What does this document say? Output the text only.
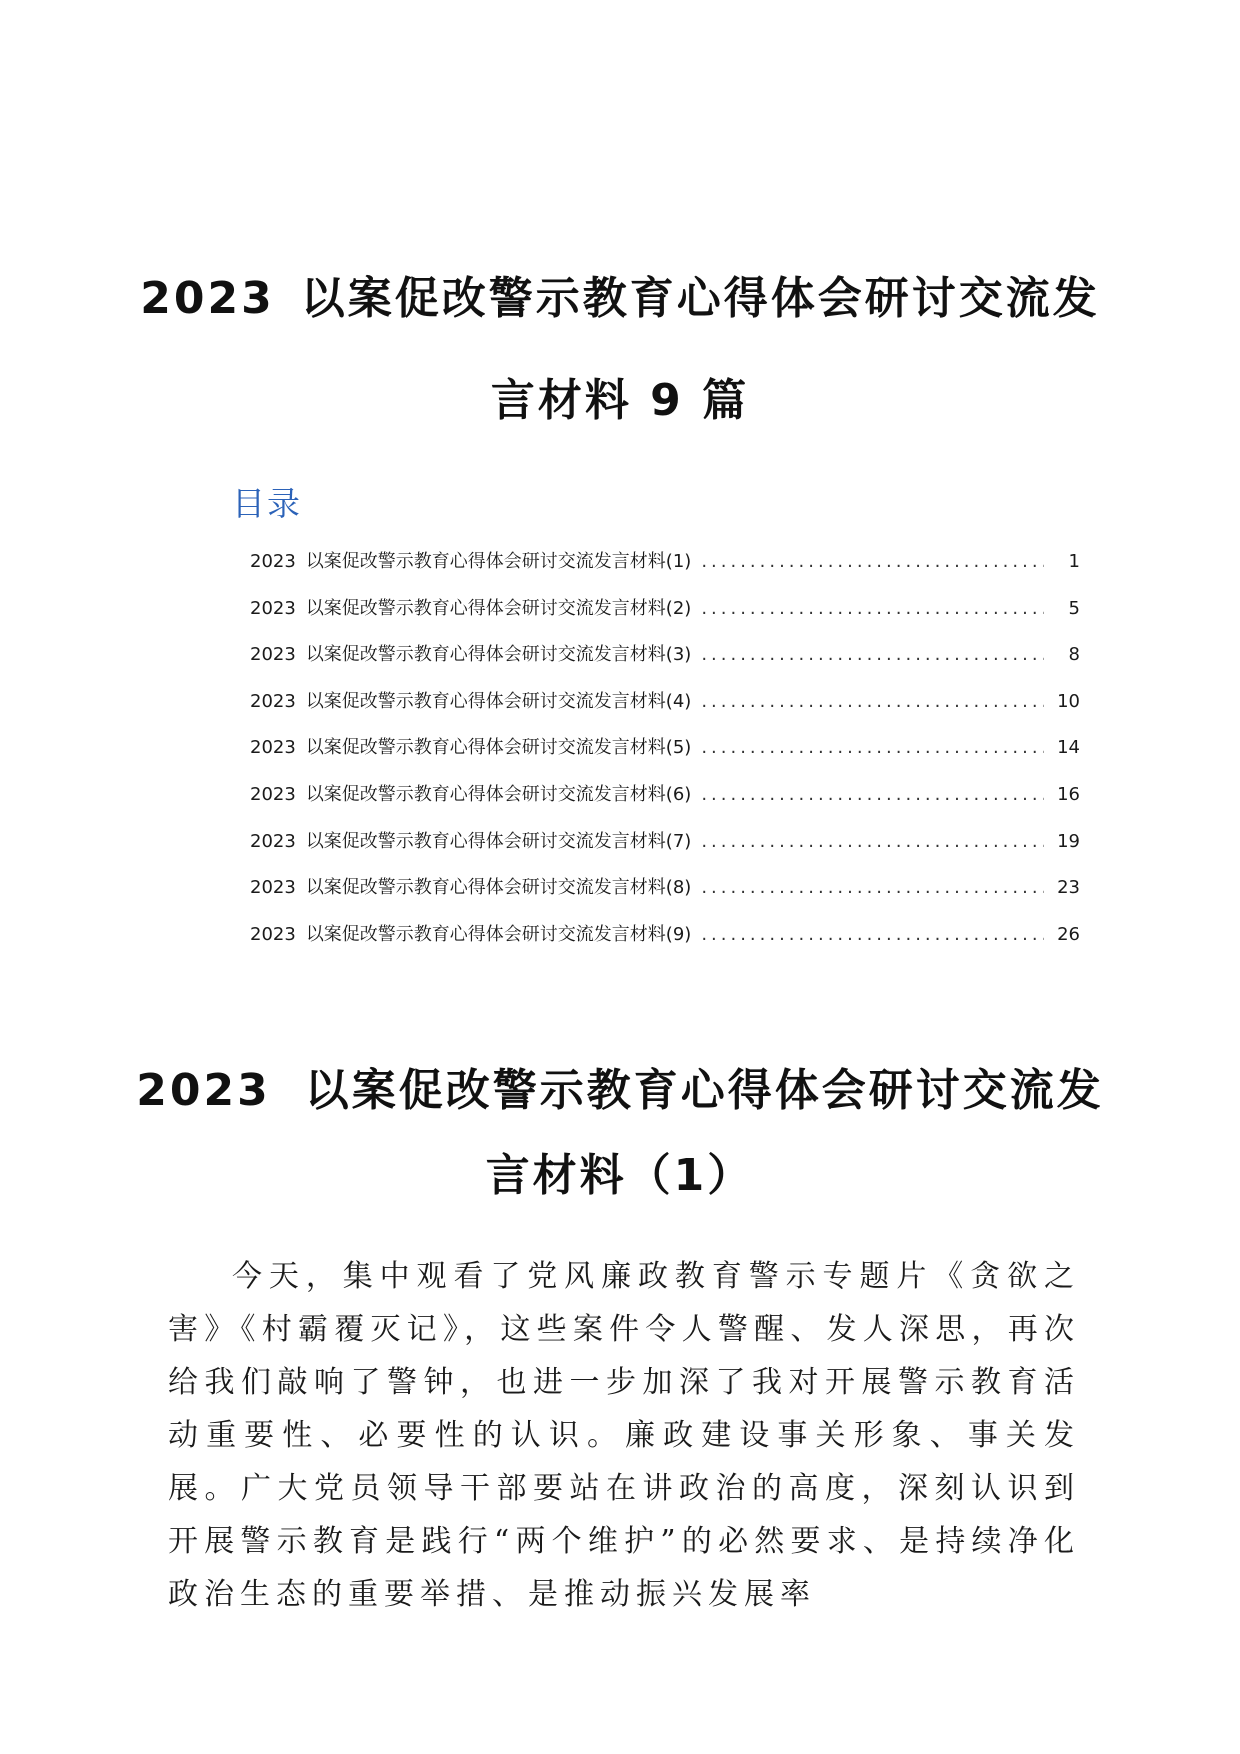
2023 以案促改警示教育心得体会研讨交流发
言材料 9 篇
目录
2023 以案促改警示教育心得体会研讨交流发言材料(1) .....	1
2023 以案促改警示教育心得体会研讨交流发言材料(2) .....	5
2023 以案促改警示教育心得体会研讨交流发言材料(3) .....	8
2023 以案促改警示教育心得体会研讨交流发言材料(4) .....	10
2023 以案促改警示教育心得体会研讨交流发言材料(5) .....	14
2023 以案促改警示教育心得体会研讨交流发言材料(6) .....	16
2023 以案促改警示教育心得体会研讨交流发言材料(7) .....	19
2023 以案促改警示教育心得体会研讨交流发言材料(8) .....	23
2023 以案促改警示教育心得体会研讨交流发言材料(9) .....	26
2023 以案促改警示教育心得体会研讨交流发
言材料（1）

今天，集中观看了党风廉政教育警示专题片《贪欲之害》《村霸覆灭记》，这些案件令人警醒、发人深思，再次给我们敲响了警钟，也进一步加深了我对开展警示教育活动重要性、必要性的认识。廉政建设事关形象、事关发展。广大党员领导干部要站在讲政治的高度，深刻认识到开展警示教育是践行“两个维护”的必然要求、是持续净化政治生态的重要举措、是推动振兴发展率
